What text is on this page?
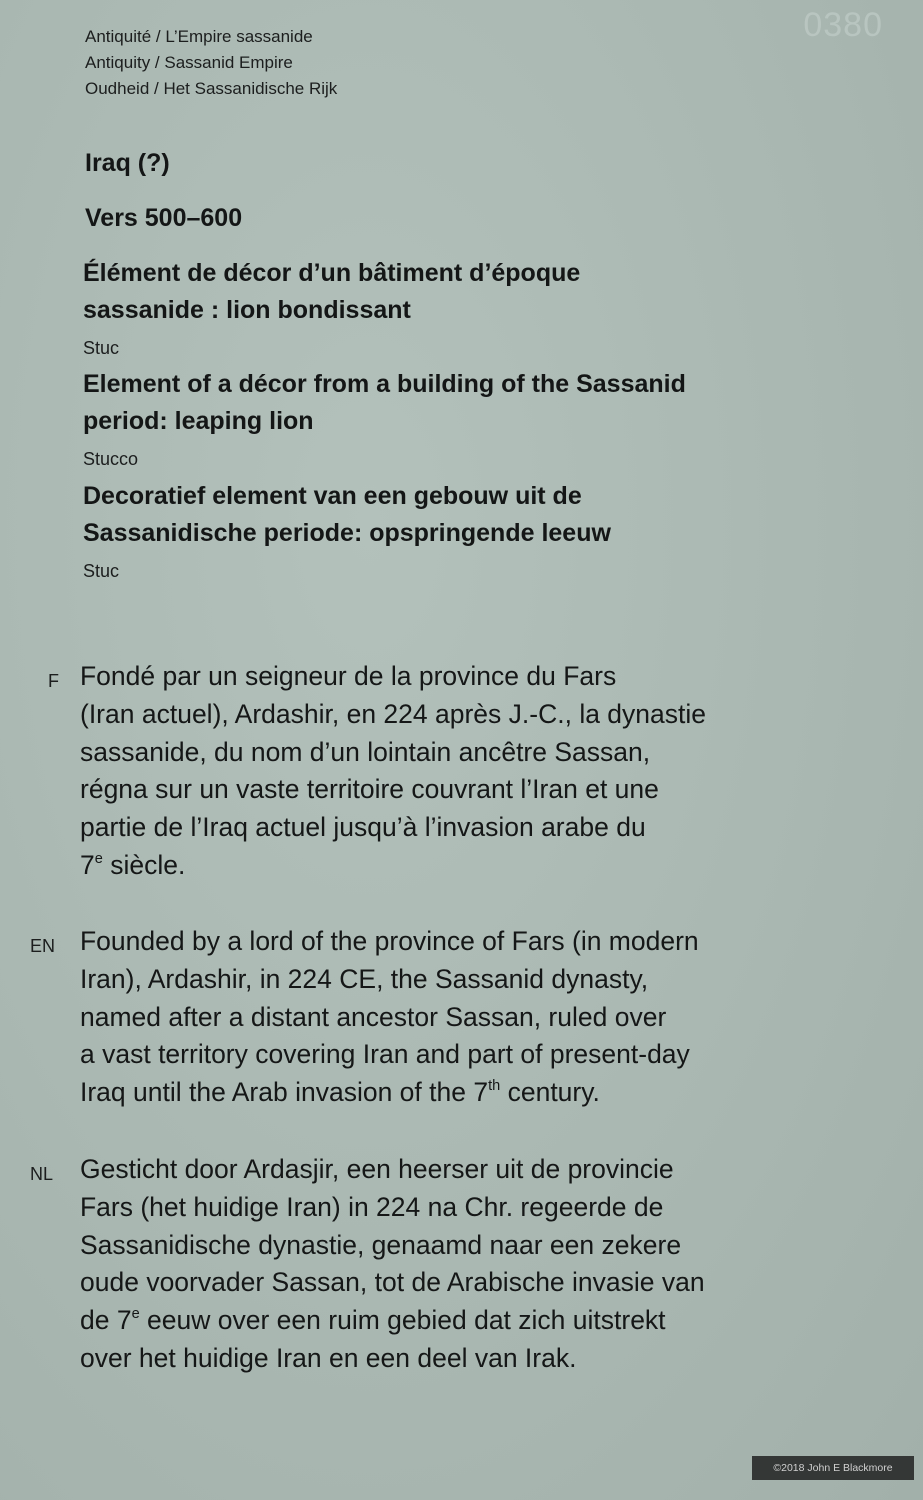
0380
Antiquité / L’Empire sassanide
Antiquity / Sassanid Empire
Oudheid / Het Sassanidische Rijk
Iraq (?)
Vers 500–600
Élément de décor d’un bâtiment d’époque
sassanide : lion bondissant
Stuc
Element of a décor from a building of the Sassanid
period: leaping lion
Stucco
Decoratief element van een gebouw uit de
Sassanidische periode: opspringende leeuw
Stuc
F Fondé par un seigneur de la province du Fars
(Iran actuel), Ardashir, en 224 après J.-C., la dynastie
sassanide, du nom d’un lointain ancêtre Sassan,
régna sur un vaste territoire couvrant l’Iran et une
partie de l’Iraq actuel jusqu’à l’invasion arabe du
7e siècle.
EN Founded by a lord of the province of Fars (in modern
Iran), Ardashir, in 224 CE, the Sassanid dynasty,
named after a distant ancestor Sassan, ruled over
a vast territory covering Iran and part of present-day
Iraq until the Arab invasion of the 7th century.
NL Gesticht door Ardasjir, een heerser uit de provincie
Fars (het huidige Iran) in 224 na Chr. regeerde de
Sassanidische dynastie, genaamd naar een zekere
oude voorvader Sassan, tot de Arabische invasie van
de 7e eeuw over een ruim gebied dat zich uitstrekt
over het huidige Iran en een deel van Irak.
©2018 John E Blackmore
